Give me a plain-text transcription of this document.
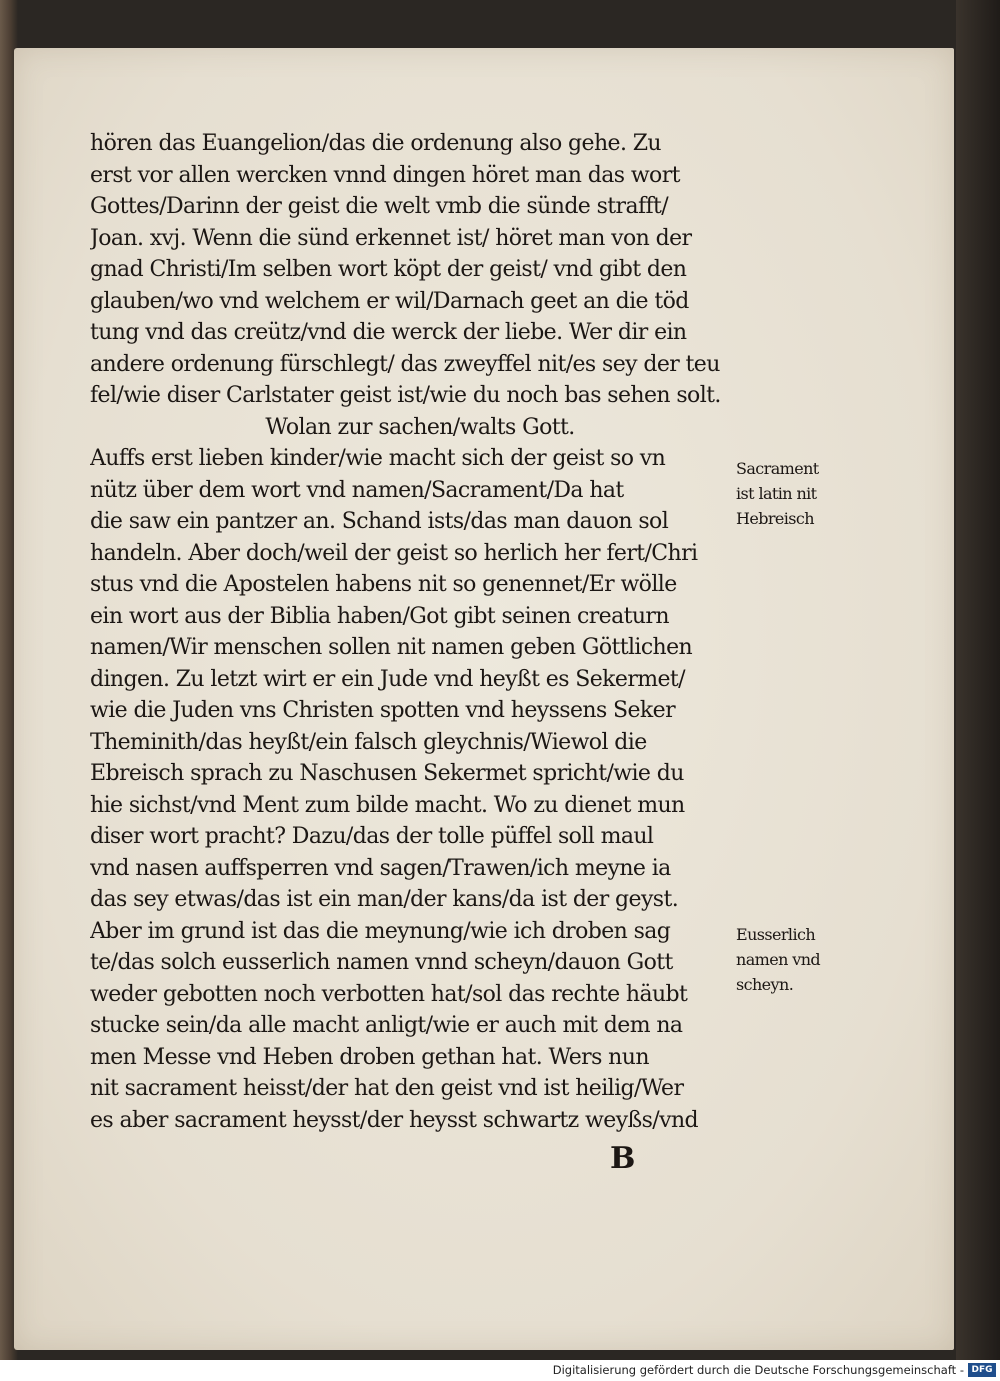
hören das Euangelion/das die ordenung also gehe. Zu
erst vor allen wercken vnnd dingen höret man das wort
Gottes/Darinn der geist die welt vmb die sünde strafft/
Joan. xvj. Wenn die sünd erkennet ist/ höret man von der
gnad Christi/Im selben wort köpt der geist/ vnd gibt den
glauben/wo vnd welchem er wil/Darnach geet an die töd
tung vnd das creütz/vnd die werck der liebe. Wer dir ein
andere ordenung fürschlegt/ das zweyffel nit/es sey der teu
fel/wie diser Carlstater geist ist/wie du noch bas sehen solt.
Wolan zur sachen/walts Gott.
Auffs erst lieben kinder/wie macht sich der geist so vn
nütz über dem wort vnd namen/Sacrament/Da hat
die saw ein pantzer an. Schand ists/das man dauon sol
handeln. Aber doch/weil der geist so herlich her fert/Chri
stus vnd die Apostelen habens nit so genennet/Er wölle
ein wort aus der Biblia haben/Got gibt seinen creaturn
namen/Wir menschen sollen nit namen geben Göttlichen
dingen. Zu letzt wirt er ein Jude vnd heyßt es Sekermet/
wie die Juden vns Christen spotten vnd heyssens Seker
Theminith/das heyßt/ein falsch gleychnis/Wiewol die
Ebreisch sprach zu Naschusen Sekermet spricht/wie du
hie sichst/vnd Ment zum bilde macht. Wo zu dienet mun
diser wort pracht? Dazu/das der tolle püffel soll maul
vnd nasen auffsperren vnd sagen/Trawen/ich meyne ia
das sey etwas/das ist ein man/der kans/da ist der geyst.
Aber im grund ist das die meynung/wie ich droben sag
te/das solch eusserlich namen vnnd scheyn/dauon Gott
weder gebotten noch verbotten hat/sol das rechte häubt
stucke sein/da alle macht anligt/wie er auch mit dem na
men Messe vnd Heben droben gethan hat. Wers nun
nit sacrament heisst/der hat den geist vnd ist heilig/Wer
es aber sacrament heysst/der heysst schwartz weyßs/vnd
Sacrament
ist latin nit
Hebreisch
Eusserlich
namen vnd
scheyn.
B
Digitalisierung gefördert durch die Deutsche Forschungsgemeinschaft - DFG
